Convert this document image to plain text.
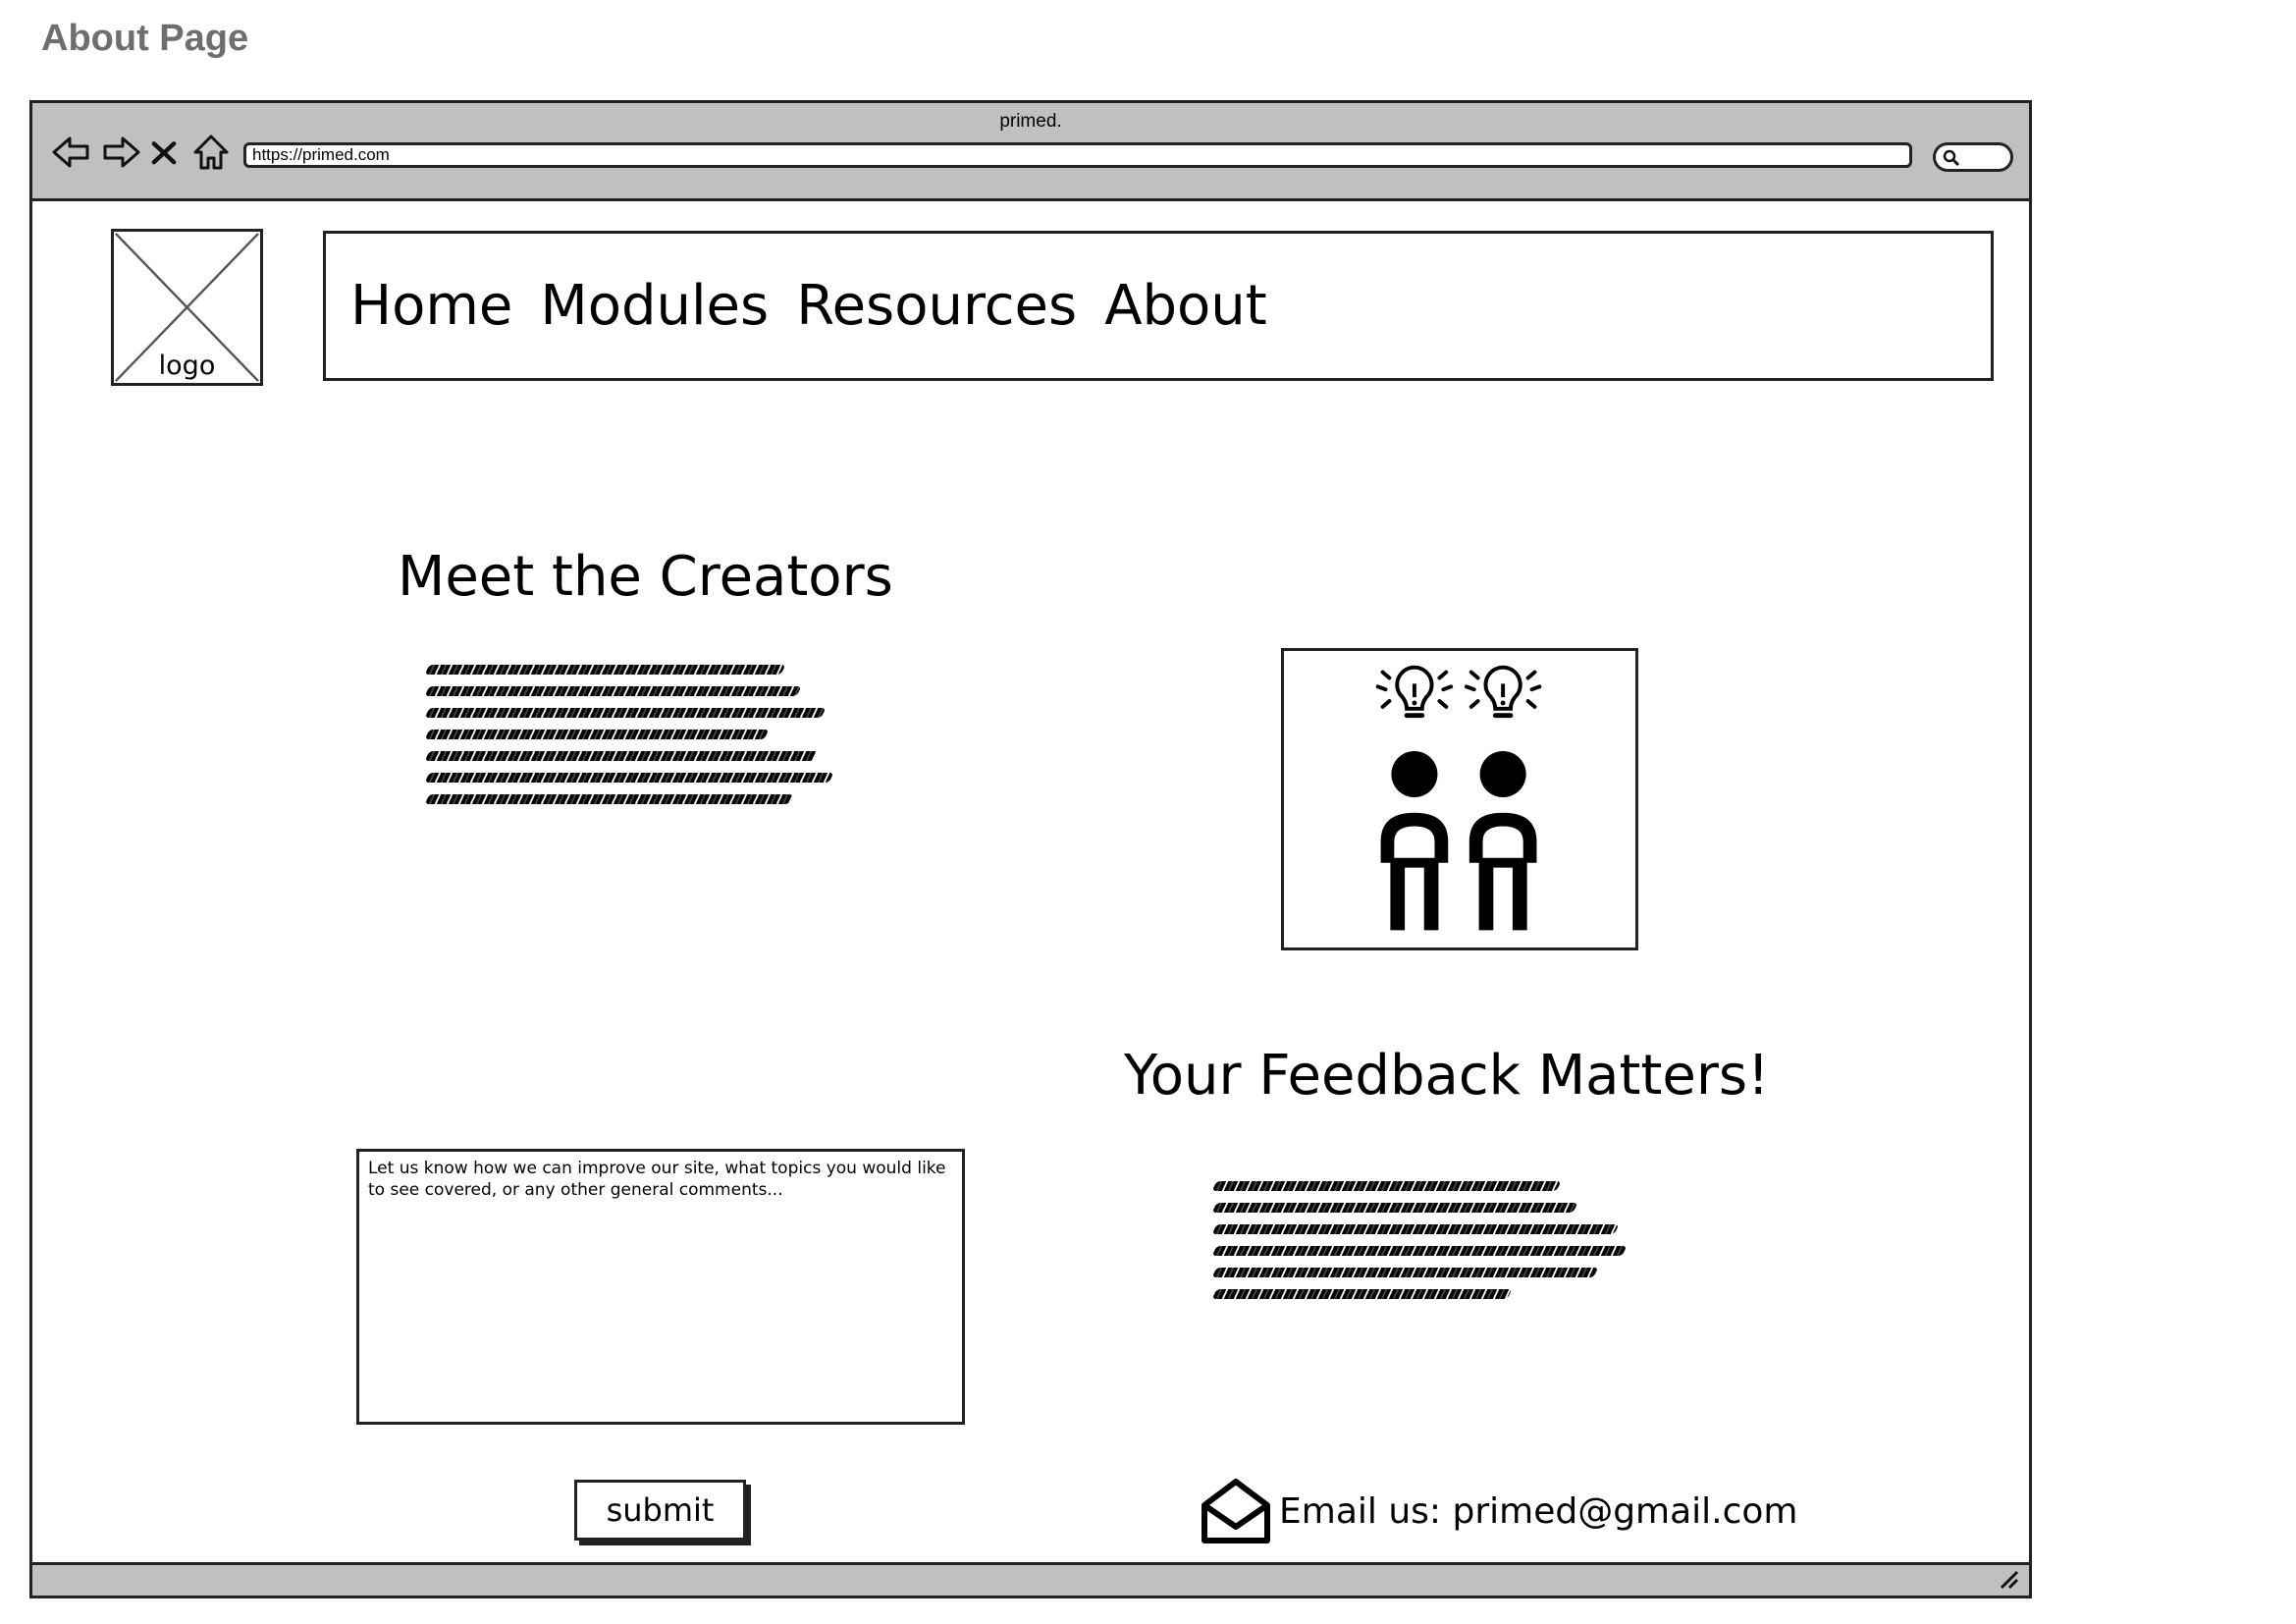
About Page
primed.
https://primed.com
logo
Home Modules Resources About
Meet the Creators
Let us know how we can improve our site, what topics you would like to see covered, or any other general comments...
submit
Your Feedback Matters!
Email us: primed@gmail.com
